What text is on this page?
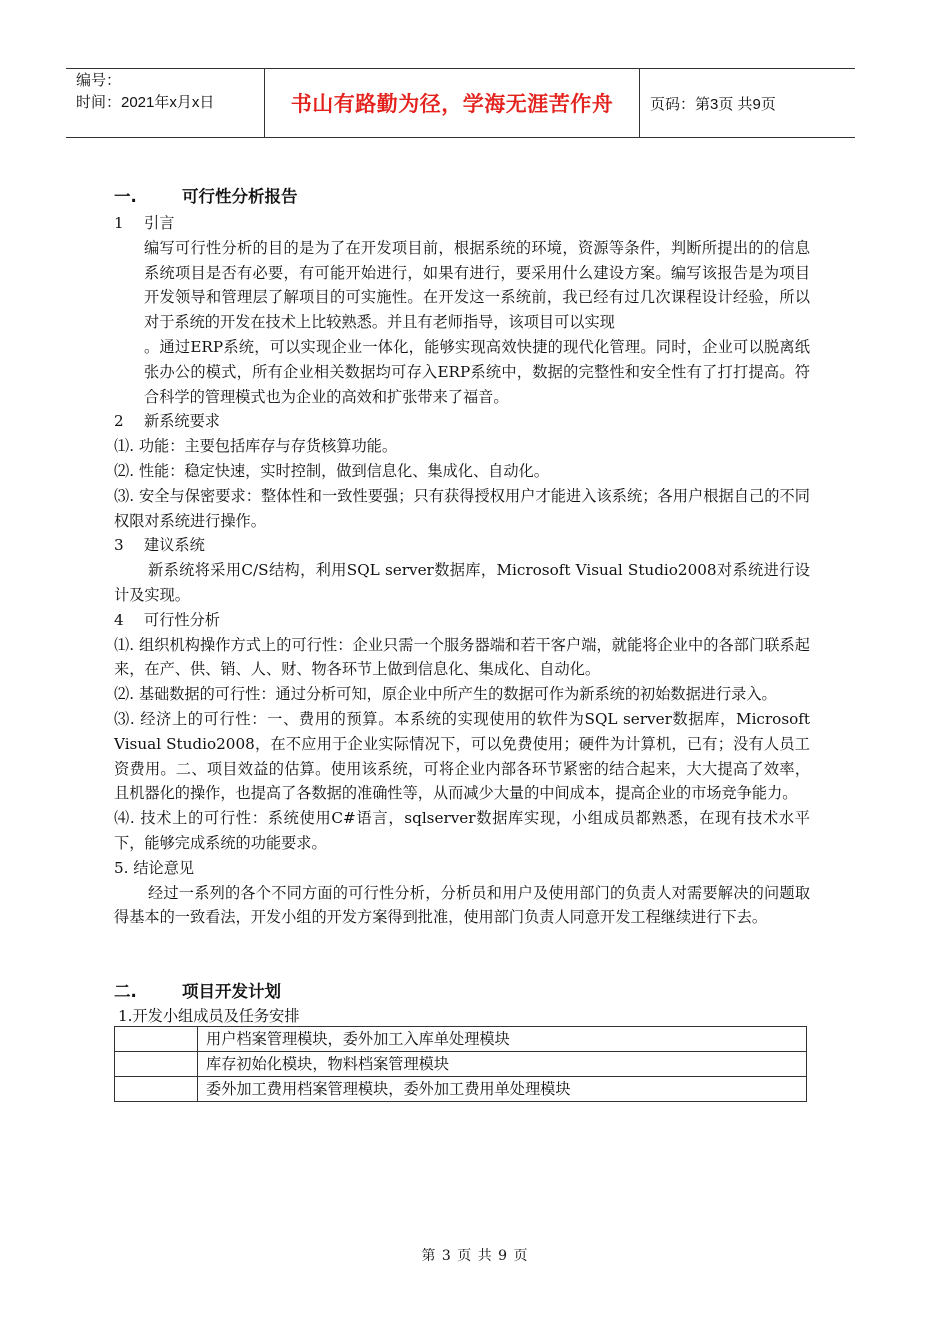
编号：
时间：2021年x月x日	书山有路勤为径，学海无涯苦作舟	页码：第3页 共9页
一.	可行性分析报告
1	引言

编写可行性分析的目的是为了在开发项目前，根据系统的环境，资源等条件，判断所提出的的信息系统项目是否有必要，有可能开始进行，如果有进行，要采用什么建设方案。编写该报告是为项目开发领导和管理层了解项目的可实施性。在开发这一系统前，我已经有过几次课程设计经验，所以对于系统的开发在技术上比较熟悉。并且有老师指导，该项目可以实现

。通过ERP系统，可以实现企业一体化，能够实现高效快捷的现代化管理。同时，企业可以脱离纸张办公的模式，所有企业相关数据均可存入ERP系统中，数据的完整性和安全性有了打打提高。符合科学的管理模式也为企业的高效和扩张带来了福音。

2	新系统要求

⑴. 功能：主要包括库存与存货核算功能。

⑵. 性能：稳定快速，实时控制，做到信息化、集成化、自动化。

⑶. 安全与保密要求：整体性和一致性要强；只有获得授权用户才能进入该系统；各用户根据自己的不同权限对系统进行操作。

3	建议系统

新系统将采用C/S结构，利用SQL server数据库，Microsoft Visual Studio2008对系统进行设计及实现。

4	可行性分析

⑴. 组织机构操作方式上的可行性：企业只需一个服务器端和若干客户端，就能将企业中的各部门联系起来，在产、供、销、人、财、物各环节上做到信息化、集成化、自动化。

⑵. 基础数据的可行性：通过分析可知，原企业中所产生的数据可作为新系统的初始数据进行录入。

⑶. 经济上的可行性：一、费用的预算。本系统的实现使用的软件为SQL server数据库，Microsoft Visual Studio2008，在不应用于企业实际情况下，可以免费使用；硬件为计算机，已有；没有人员工资费用。二、项目效益的估算。使用该系统，可将企业内部各环节紧密的结合起来，大大提高了效率，且机器化的操作，也提高了各数据的准确性等，从而减少大量的中间成本，提高企业的市场竞争能力。

⑷. 技术上的可行性：系统使用C#语言，sqlserver数据库实现，小组成员都熟悉，在现有技术水平下，能够完成系统的功能要求。

5. 结论意见

经过一系列的各个不同方面的可行性分析，分析员和用户及使用部门的负责人对需要解决的问题取得基本的一致看法，开发小组的开发方案得到批准，使用部门负责人同意开发工程继续进行下去。

二.	项目开发计划
1.开发小组成员及任务安排
	用户档案管理模块，委外加工入库单处理模块
	库存初始化模块，物料档案管理模块
	委外加工费用档案管理模块，委外加工费用单处理模块
第 3 页 共 9 页
